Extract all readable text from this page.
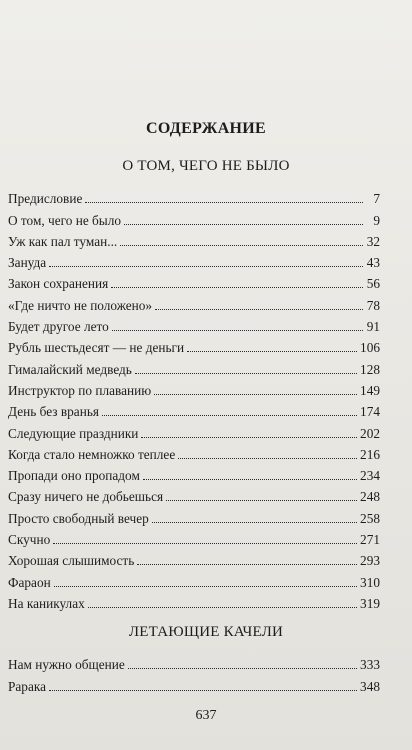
СОДЕРЖАНИЕ
О ТОМ, ЧЕГО НЕ БЫЛО
Предисловие	7
О том, чего не было	9
Уж как пал туман...	32
Зануда	43
Закон сохранения	56
«Где ничто не положено»	78
Будет другое лето	91
Рубль шестьдесят — не деньги	106
Гималайский медведь	128
Инструктор по плаванию	149
День без вранья	174
Следующие праздники	202
Когда стало немножко теплее	216
Пропади оно пропадом	234
Сразу ничего не добьешься	248
Просто свободный вечер	258
Скучно	271
Хорошая слышимость	293
Фараон	310
На каникулах	319
ЛЕТАЮЩИЕ КАЧЕЛИ
Нам нужно общение	333
Рарака	348
637
